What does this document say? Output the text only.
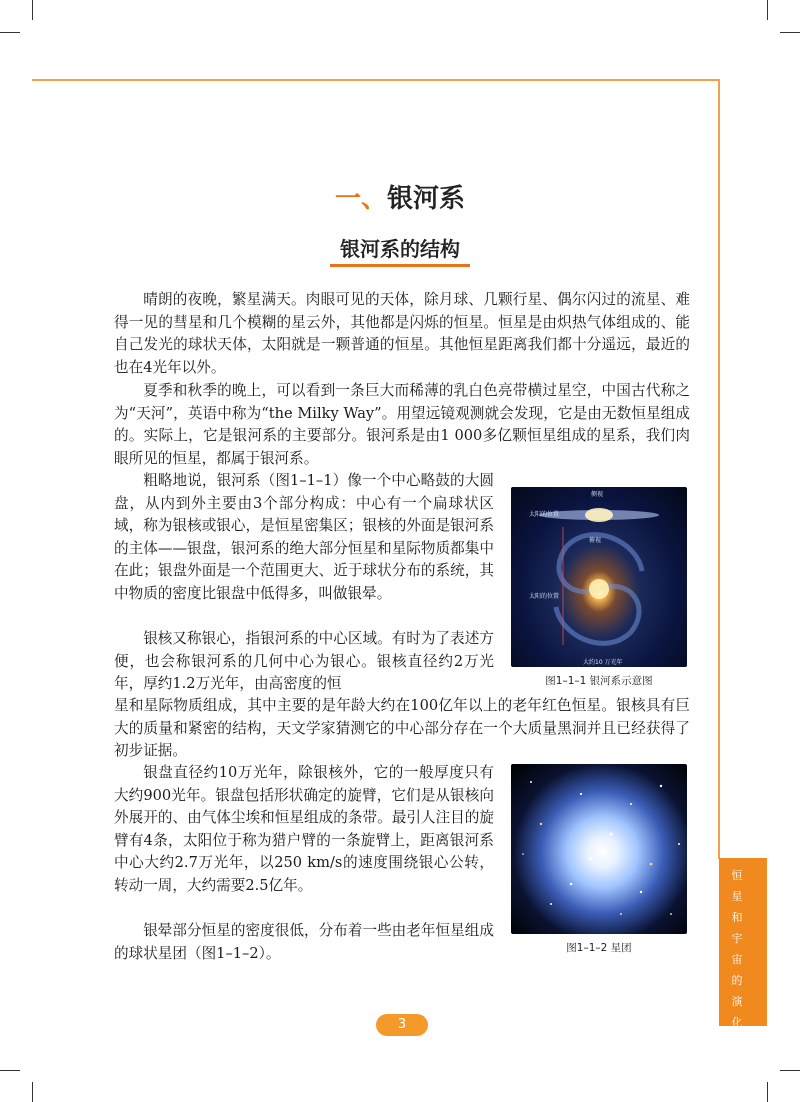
一、银河系
银河系的结构

晴朗的夜晚，繁星满天。肉眼可见的天体，除月球、几颗行星、偶尔闪过的流星、难得一见的彗星和几个模糊的星云外，其他都是闪烁的恒星。恒星是由炽热气体组成的、能自己发光的球状天体，太阳就是一颗普通的恒星。其他恒星距离我们都十分遥远，最近的也在4光年以外。

夏季和秋季的晚上，可以看到一条巨大而稀薄的乳白色亮带横过星空，中国古代称之为“天河”，英语中称为“the Milky Way”。用望远镜观测就会发现，它是由无数恒星组成的。实际上，它是银河系的主要部分。银河系是由1 000多亿颗恒星组成的星系，我们肉眼所见的恒星，都属于银河系。

粗略地说，银河系（图1–1–1）像一个中心略鼓的大圆盘，从内到外主要由3个部分构成：中心有一个扁球状区域，称为银核或银心，是恒星密集区；银核的外面是银河系的主体——银盘，银河系的绝大部分恒星和星际物质都集中在此；银盘外面是一个范围更大、近于球状分布的系统，其中物质的密度比银盘中低得多，叫做银晕。

银核又称银心，指银河系的中心区域。有时为了表述方便，也会称银河系的几何中心为银心。银核直径约2万光年，厚约1.2万光年，由高密度的恒

星和星际物质组成，其中主要的是年龄大约在100亿年以上的老年红色恒星。银核具有巨大的质量和紧密的结构，天文学家猜测它的中心部分存在一个大质量黑洞并且已经获得了初步证据。

银盘直径约10万光年，除银核外，它的一般厚度只有大约900光年。银盘包括形状确定的旋臂，它们是从银核向外展开的、由气体尘埃和恒星组成的条带。最引人注目的旋臂有4条，太阳位于称为猎户臂的一条旋臂上，距离银河系中心大约2.7万光年，以250 km/s的速度围绕银心公转，转动一周，大约需要2.5亿年。

银晕部分恒星的密度很低，分布着一些由老年恒星组成的球状星团（图1–1–2）。

侧视
太阳的位置
俯视
太阳的位置
大约10 万光年
图1–1–1 银河系示意图
图1–1–2 星团
恒
星
和
宇
宙
的
演
化
3
